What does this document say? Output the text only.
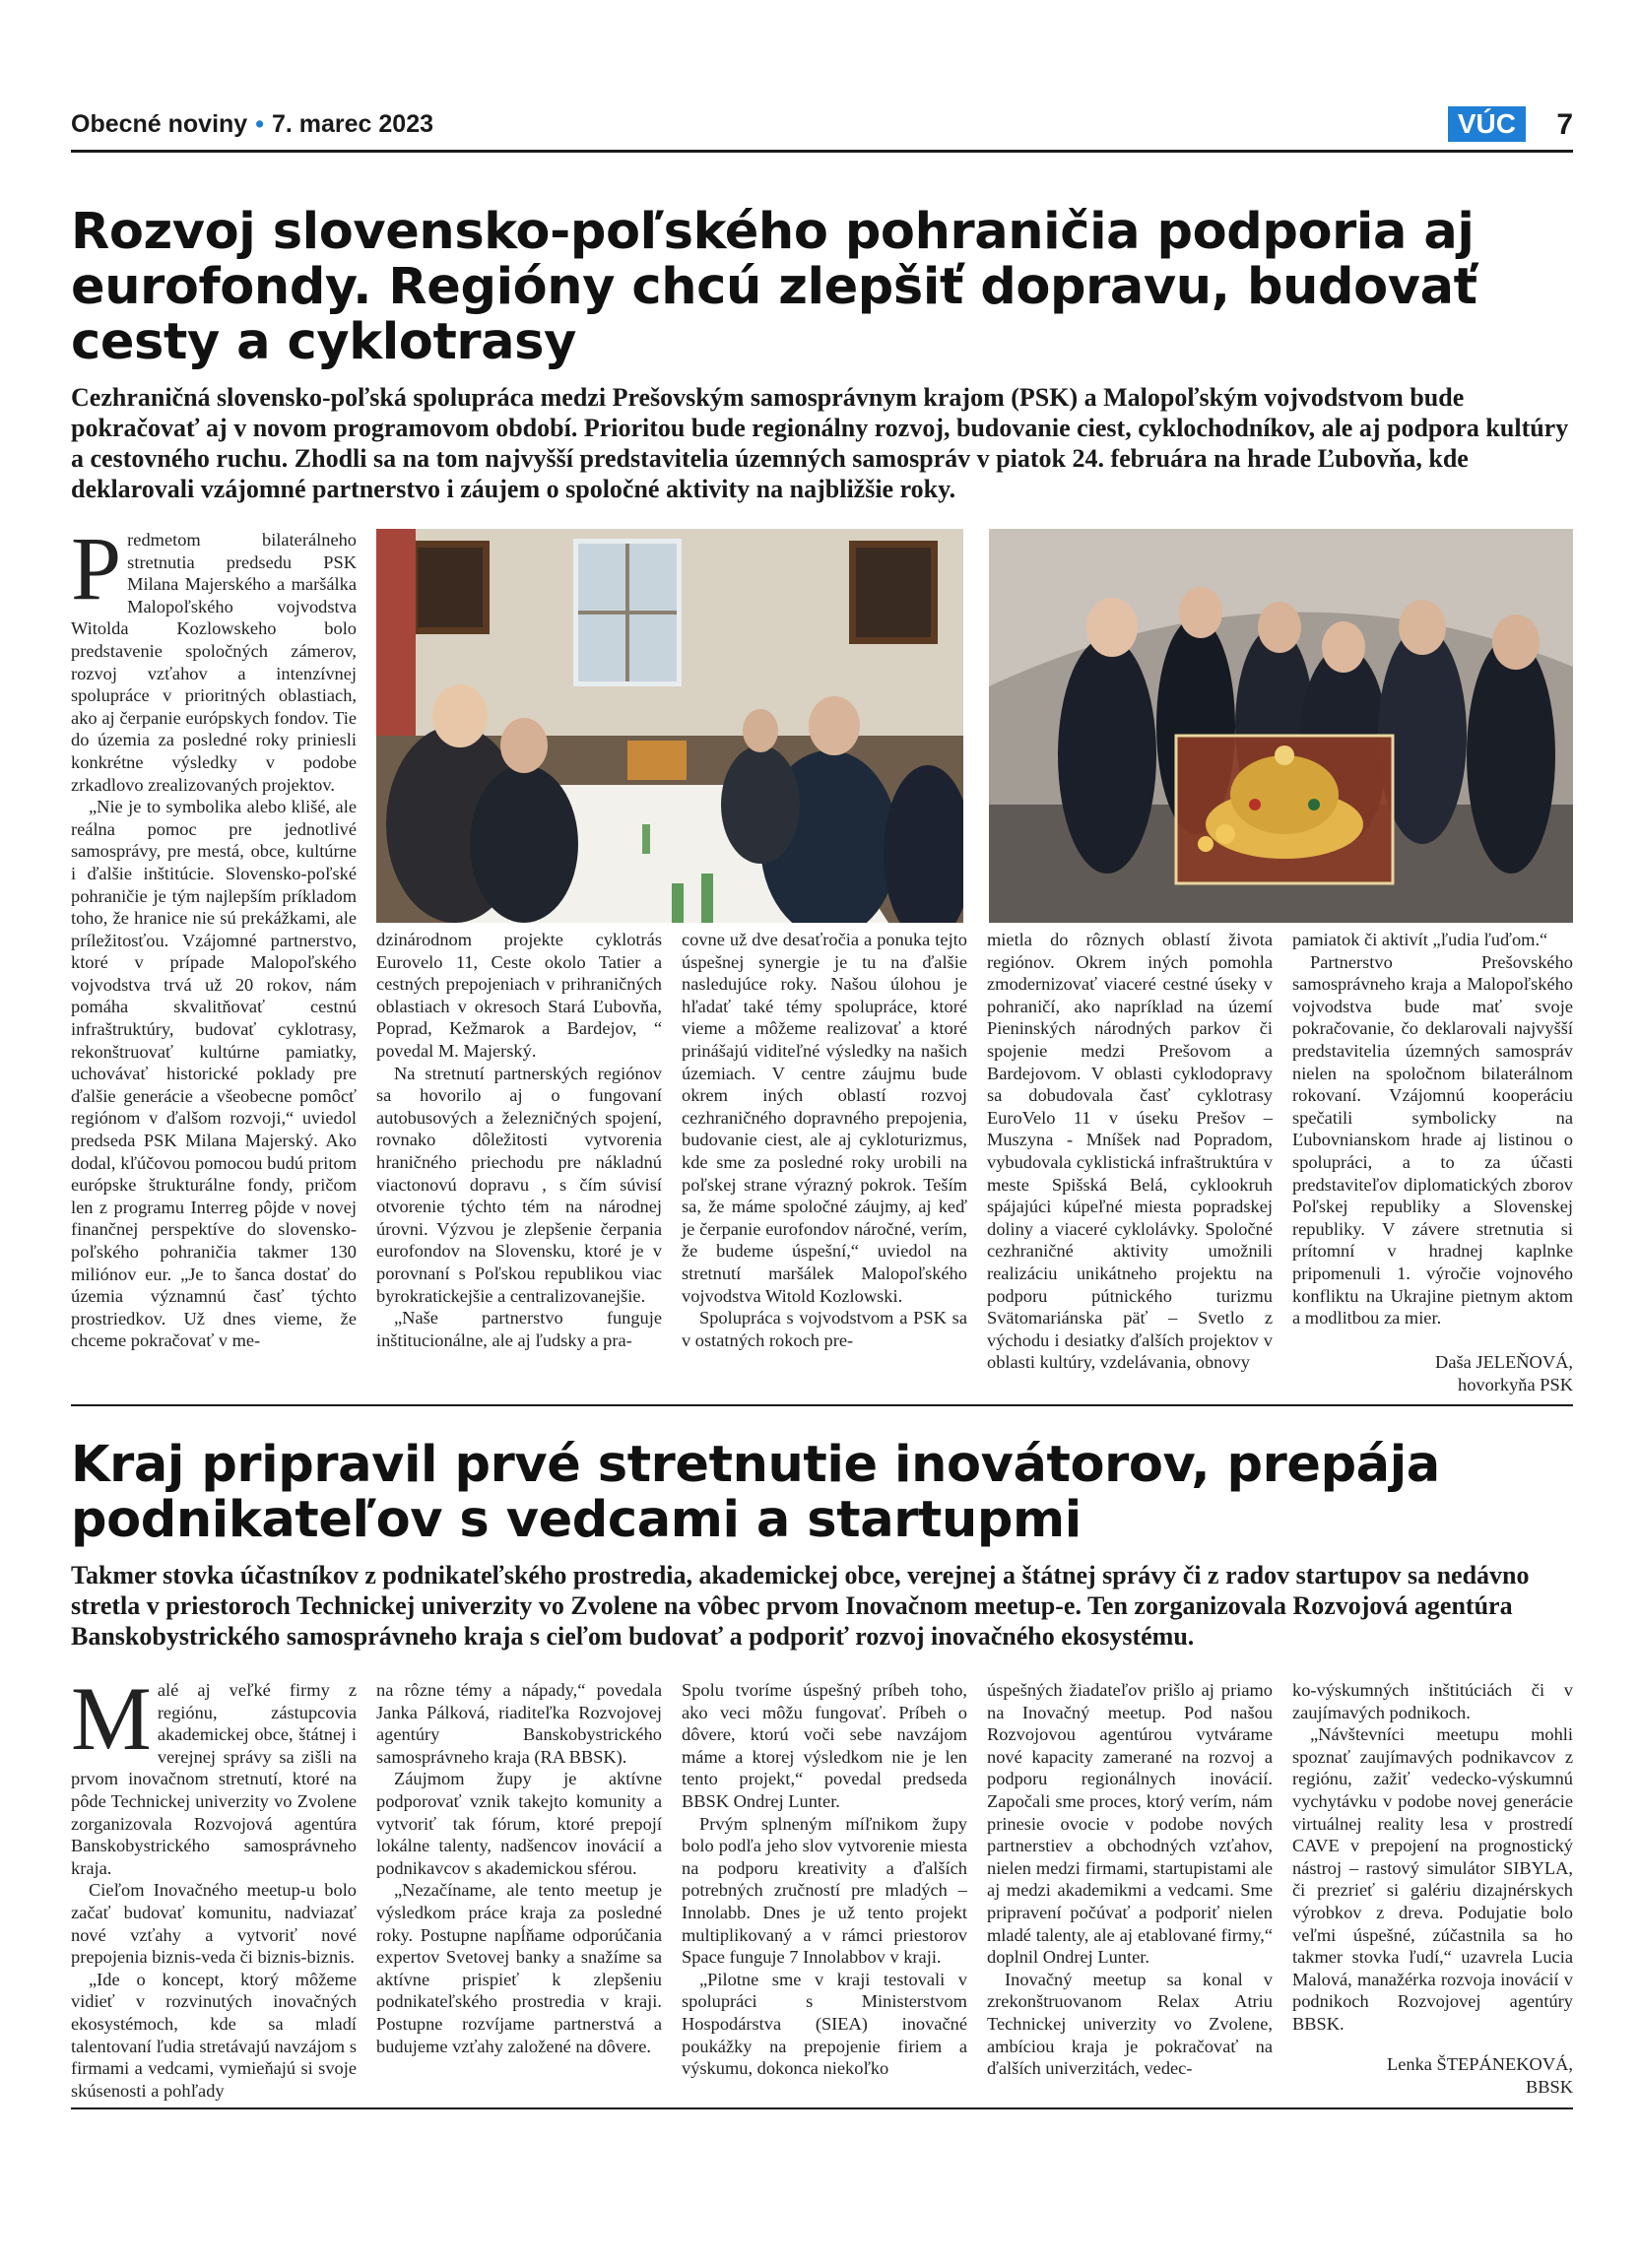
Obecné noviny • 7. marec 2023	VÚC	7
Rozvoj slovensko-poľského pohraničia podporia aj eurofondy. Regióny chcú zlepšiť dopravu, budovať cesty a cyklotrasy
Cezhraničná slovensko-poľská spolupráca medzi Prešovským samosprávnym krajom (PSK) a Malopoľským vojvodstvom bude pokračovať aj v novom programovom období. Prioritou bude regionálny rozvoj, budovanie ciest, cyklochodníkov, ale aj podpora kultúry a cestovného ruchu. Zhodli sa na tom najvyšší predstavitelia územných samospráv v piatok 24. februára na hrade Ľubovňa, kde deklarovali vzájomné partnerstvo i záujem o spoločné aktivity na najbližšie roky.
P redmetom bilaterálneho stretnutia predsedu PSK Milana Majerského a maršálka Malopoľského vojvodstva Witolda Kozlowskeho bolo predstavenie spoločných zámerov, rozvoj vzťahov a intenzívnej spolupráce v prioritných oblastiach, ako aj čerpanie európskych fondov. Tie do územia za posledné roky priniesli konkrétne výsledky v podobe zrkadlovo zrealizovaných projektov.

„Nie je to symbolika alebo klišé, ale reálna pomoc pre jednotlivé samosprávy, pre mestá, obce, kultúrne i ďalšie inštitúcie. Slovensko-poľské pohraničie je tým najlepším príkladom toho, že hranice nie sú prekážkami, ale príležitosťou. Vzájomné partnerstvo, ktoré v prípade Malopoľského vojvodstva trvá už 20 rokov, nám pomáha skvalitňovať cestnú infraštruktúry, budovať cyklotrasy, rekonštruovať kultúrne pamiatky, uchovávať historické poklady pre ďalšie generácie a všeobecne pomôcť regiónom v ďalšom rozvoji,“ uviedol predseda PSK Milana Majerský. Ako dodal, kľúčovou pomocou budú pritom európske štrukturálne fondy, pričom len z programu Interreg pôjde v novej finančnej perspektíve do slovensko-poľského pohraničia takmer 130 miliónov eur. „Je to šanca dostať do územia významnú časť týchto prostriedkov. Už dnes vieme, že chceme pokračovať v me-

dzinárodnom projekte cyklotrás Eurovelo 11, Ceste okolo Tatier a cestných prepojeniach v prihraničných oblastiach v okresoch Stará Ľubovňa, Poprad, Kežmarok a Bardejov, “ povedal M. Majerský.

Na stretnutí partnerských regiónov sa hovorilo aj o fungovaní autobusových a železničných spojení, rovnako dôležitosti vytvorenia hraničného priechodu pre nákladnú viactonovú dopravu , s čím súvisí otvorenie týchto tém na národnej úrovni. Výzvou je zlepšenie čerpania eurofondov na Slovensku, ktoré je v porovnaní s Poľskou republikou viac byrokratickejšie a centralizovanejšie.

„Naše partnerstvo funguje inštitucionálne, ale aj ľudsky a pra-

covne už dve desaťročia a ponuka tejto úspešnej synergie je tu na ďalšie nasledujúce roky. Našou úlohou je hľadať také témy spolupráce, ktoré vieme a môžeme realizovať a ktoré prinášajú viditeľné výsledky na našich územiach. V centre záujmu bude okrem iných oblastí rozvoj cezhraničného dopravného prepojenia, budovanie ciest, ale aj cykloturizmus, kde sme za posledné roky urobili na poľskej strane výrazný pokrok. Teším sa, že máme spoločné záujmy, aj keď je čerpanie eurofondov náročné, verím, že budeme úspešní,“ uviedol na stretnutí maršálek Malopoľského vojvodstva Witold Kozlowski.

Spolupráca s vojvodstvom a PSK sa v ostatných rokoch pre-

mietla do rôznych oblastí života regiónov. Okrem iných pomohla zmodernizovať viaceré cestné úseky v pohraničí, ako napríklad na území Pieninských národných parkov či spojenie medzi Prešovom a Bardejovom. V oblasti cyklodopravy sa dobudovala časť cyklotrasy EuroVelo 11 v úseku Prešov – Muszyna - Mníšek nad Popradom, vybudovala cyklistická infraštruktúra v meste Spišská Belá, cyklookruh spájajúci kúpeľné miesta popradskej doliny a viaceré cyklolávky. Spoločné cezhraničné aktivity umožnili realizáciu unikátneho projektu na podporu pútnického turizmu Svätomariánska päť – Svetlo z východu i desiatky ďalších projektov v oblasti kultúry, vzdelávania, obnovy

pamiatok či aktivít „ľudia ľuďom.“

Partnerstvo Prešovského samosprávneho kraja a Malopoľského vojvodstva bude mať svoje pokračovanie, čo deklarovali najvyšší predstavitelia územných samospráv nielen na spoločnom bilaterálnom rokovaní. Vzájomnú kooperáciu spečatili symbolicky na Ľubovnianskom hrade aj listinou o spolupráci, a to za účasti predstaviteľov diplomatických zborov Poľskej republiky a Slovenskej republiky. V závere stretnutia si prítomní v hradnej kaplnke pripomenuli 1. výročie vojnového konfliktu na Ukrajine pietnym aktom a modlitbou za mier.

Daša JELEŇOVÁ,
hovorkyňa PSK
Kraj pripravil prvé stretnutie inovátorov, prepája podnikateľov s vedcami a startupmi
Takmer stovka účastníkov z podnikateľského prostredia, akademickej obce, verejnej a štátnej správy či z radov startupov sa nedávno stretla v priestoroch Technickej univerzity vo Zvolene na vôbec prvom Inovačnom meetup-e. Ten zorganizovala Rozvojová agentúra Banskobystrického samosprávneho kraja s cieľom budovať a podporiť rozvoj inovačného ekosystému.
M alé aj veľké firmy z regiónu, zástupcovia akademickej obce, štátnej i verejnej správy sa zišli na prvom inovačnom stretnutí, ktoré na pôde Technickej univerzity vo Zvolene zorganizovala Rozvojová agentúra Banskobystrického samosprávneho kraja.

Cieľom Inovačného meetup-u bolo začať budovať komunitu, nadviazať nové vzťahy a vytvoriť nové prepojenia biznis-veda či biznis-biznis.

„Ide o koncept, ktorý môžeme vidieť v rozvinutých inovačných ekosystémoch, kde sa mladí talentovaní ľudia stretávajú navzájom s firmami a vedcami, vymieňajú si svoje skúsenosti a pohľady

na rôzne témy a nápady,“ povedala Janka Pálková, riaditeľka Rozvojovej agentúry Banskobystrického samosprávneho kraja (RA BBSK).

Záujmom župy je aktívne podporovať vznik takejto komunity a vytvoriť tak fórum, ktoré prepojí lokálne talenty, nadšencov inovácií a podnikavcov s akademickou sférou.

„Nezačíname, ale tento meetup je výsledkom práce kraja za posledné roky. Postupne napĺňame odporúčania expertov Svetovej banky a snažíme sa aktívne prispieť k zlepšeniu podnikateľského prostredia v kraji. Postupne rozvíjame partnerstvá a budujeme vzťahy založené na dôvere.

Spolu tvoríme úspešný príbeh toho, ako veci môžu fungovať. Príbeh o dôvere, ktorú voči sebe navzájom máme a ktorej výsledkom nie je len tento projekt,“ povedal predseda BBSK Ondrej Lunter.

Prvým splneným míľnikom župy bolo podľa jeho slov vytvorenie miesta na podporu kreativity a ďalších potrebných zručností pre mladých – Innolabb. Dnes je už tento projekt multiplikovaný a v rámci priestorov Space funguje 7 Innolabbov v kraji.

„Pilotne sme v kraji testovali v spolupráci s Ministerstvom Hospodárstva (SIEA) inovačné poukážky na prepojenie firiem a výskumu, dokonca niekoľko

úspešných žiadateľov prišlo aj priamo na Inovačný meetup. Pod našou Rozvojovou agentúrou vytvárame nové kapacity zamerané na rozvoj a podporu regionálnych inovácií. Započali sme proces, ktorý verím, nám prinesie ovocie v podobe nových partnerstiev a obchodných vzťahov, nielen medzi firmami, startupistami ale aj medzi akademikmi a vedcami. Sme pripravení počúvať a podporiť nielen mladé talenty, ale aj etablované firmy,“ doplnil Ondrej Lunter.

Inovačný meetup sa konal v zrekonštruovanom Relax Atriu Technickej univerzity vo Zvolene, ambíciou kraja je pokračovať na ďalších univerzitách, vedec-

ko-výskumných inštitúciách či v zaujímavých podnikoch.

„Návštevníci meetupu mohli spoznať zaujímavých podnikavcov z regiónu, zažiť vedecko-výskumnú vychytávku v podobe novej generácie virtuálnej reality lesa v prostredí CAVE v prepojení na prognostický nástroj – rastový simulátor SIBYLA, či prezrieť si galériu dizajnérskych výrobkov z dreva. Podujatie bolo veľmi úspešné, zúčastnila sa ho takmer stovka ľudí,“ uzavrela Lucia Malová, manažérka rozvoja inovácií v podnikoch Rozvojovej agentúry BBSK.

Lenka ŠTEPÁNEKOVÁ,
BBSK
